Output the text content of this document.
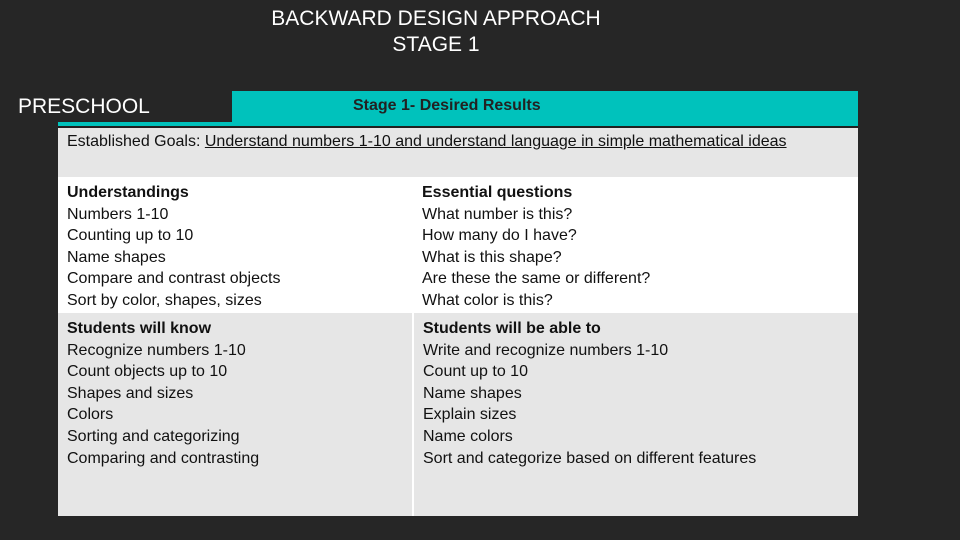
BACKWARD DESIGN APPROACH
STAGE 1
Stage 1- Desired Results
Established Goals: Understand numbers 1-10 and understand language in simple mathematical ideas
Understandings
Numbers 1-10
Counting up to 10
Name shapes
Compare and contrast objects
Sort by color, shapes, sizes
Essential questions
What number is this?
How many do I have?
What is this shape?
Are these the same or different?
What color is this?
Students will know
Recognize numbers 1-10
Count objects up to 10
Shapes and sizes
Colors
Sorting and categorizing
Comparing and contrasting
Students will be able to
Write and recognize numbers 1-10
Count up to 10
Name shapes
Explain sizes
Name colors
Sort and categorize based on different features
PRESCHOOL
